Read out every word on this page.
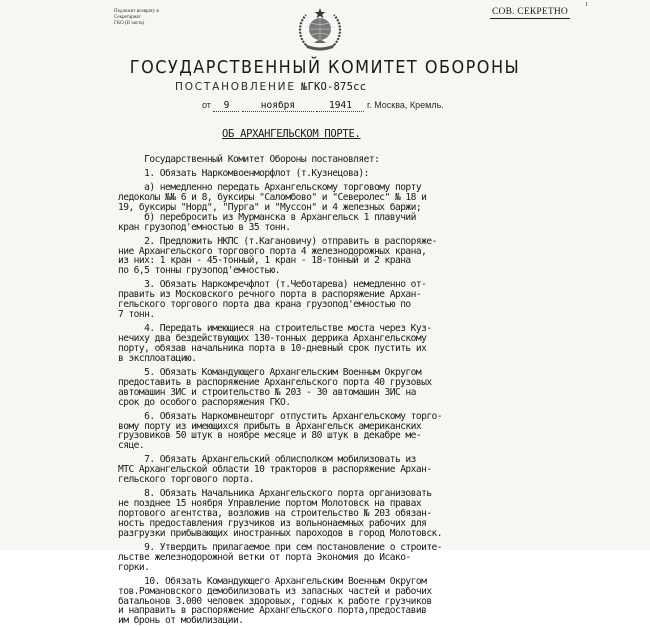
Подлежит возврату в Секретариат
ГКО (II часть)
1
СОВ. СЕКРЕТНО
ГОСУДАРСТВЕННЫЙ КОМИТЕТ ОБОРОНЫ
ПОСТАНОВЛЕНИЕ №ГКО-875сс
от 9	ноября	1941 г. Москва, Кремль.
ОБ АРХАНГЕЛЬСКОМ ПОРТЕ.
Государственный Комитет Обороны постановляет:
1. Обязать Наркомвоенморфлот (т.Кузнецова):
а) немедленно передать Архангельскому торговому порту
ледоколы №№ 6 и 8, буксиры "Саломбово" и "Северолес" № 18 и
19, буксиры "Норд", "Пурга" и "Муссон" и 4 железных баржи;
б) перебросить из Мурманска в Архангельск 1 плавучий
кран грузопод'емностью в 35 тонн.
2. Предложить НКПС (т.Кагановичу) отправить в распоряже-
ние Архангельского торгового порта 4 железнодорожных крана,
из них: 1 кран - 45-тонный, 1 кран - 18-тонный и 2 крана
по 6,5 тонны грузопод'емностью.
3. Обязать Наркомречфлот (т.Чеботарева) немедленно от-
править из Московского речного порта в распоряжение Архан-
гельского торгового порта два крана грузопод'емностью по
7 тонн.
4. Передать имеющиеся на строительстве моста через Куз-
нечиху два бездействующих 130-тонных деррика Архангельскому
порту, обязав начальника порта в 10-дневный срок пустить их
в эксплоатацию.
5. Обязать Командующего Архангельским Военным Округом
предоставить в распоряжение Архангельского порта 40 грузовых
автомашин ЗИС и строительство № 203 - 30 автомашин ЗИС на
срок до особого распоряжения ГКО.
6. Обязать Наркомвнешторг отпустить Архангельскому торго-
вому порту из имеющихся прибыть в Архангельск американских
грузовиков 50 штук в ноябре месяце и 80 штук в декабре ме-
сяце.
7. Обязать Архангельский облисполком мобилизовать из
МТС Архангельской области 10 тракторов в распоряжение Архан-
гельского торгового порта.
8. Обязать Начальника Архангельского порта организовать
не позднее 15 ноября Управление портом Молотовск на правах
портового агентства, возложив на строительство № 203 обязан-
ность предоставления грузчиков из вольнонаемных рабочих для
разгрузки прибывающих иностранных пароходов в город Молотовск.
9. Утвердить прилагаемое при сем постановление о строите-
льстве железнодорожной ветки от порта Экономия до Исако-
горки.
10. Обязать Командующего Архангельским Военным Округом
тов.Романовского демобилизовать из запасных частей и рабочих
батальонов 3.000 человек здоровых, годных к работе грузчиков
и направить в распоряжение Архангельского порта,предоставив
им бронь от мобилизации.
